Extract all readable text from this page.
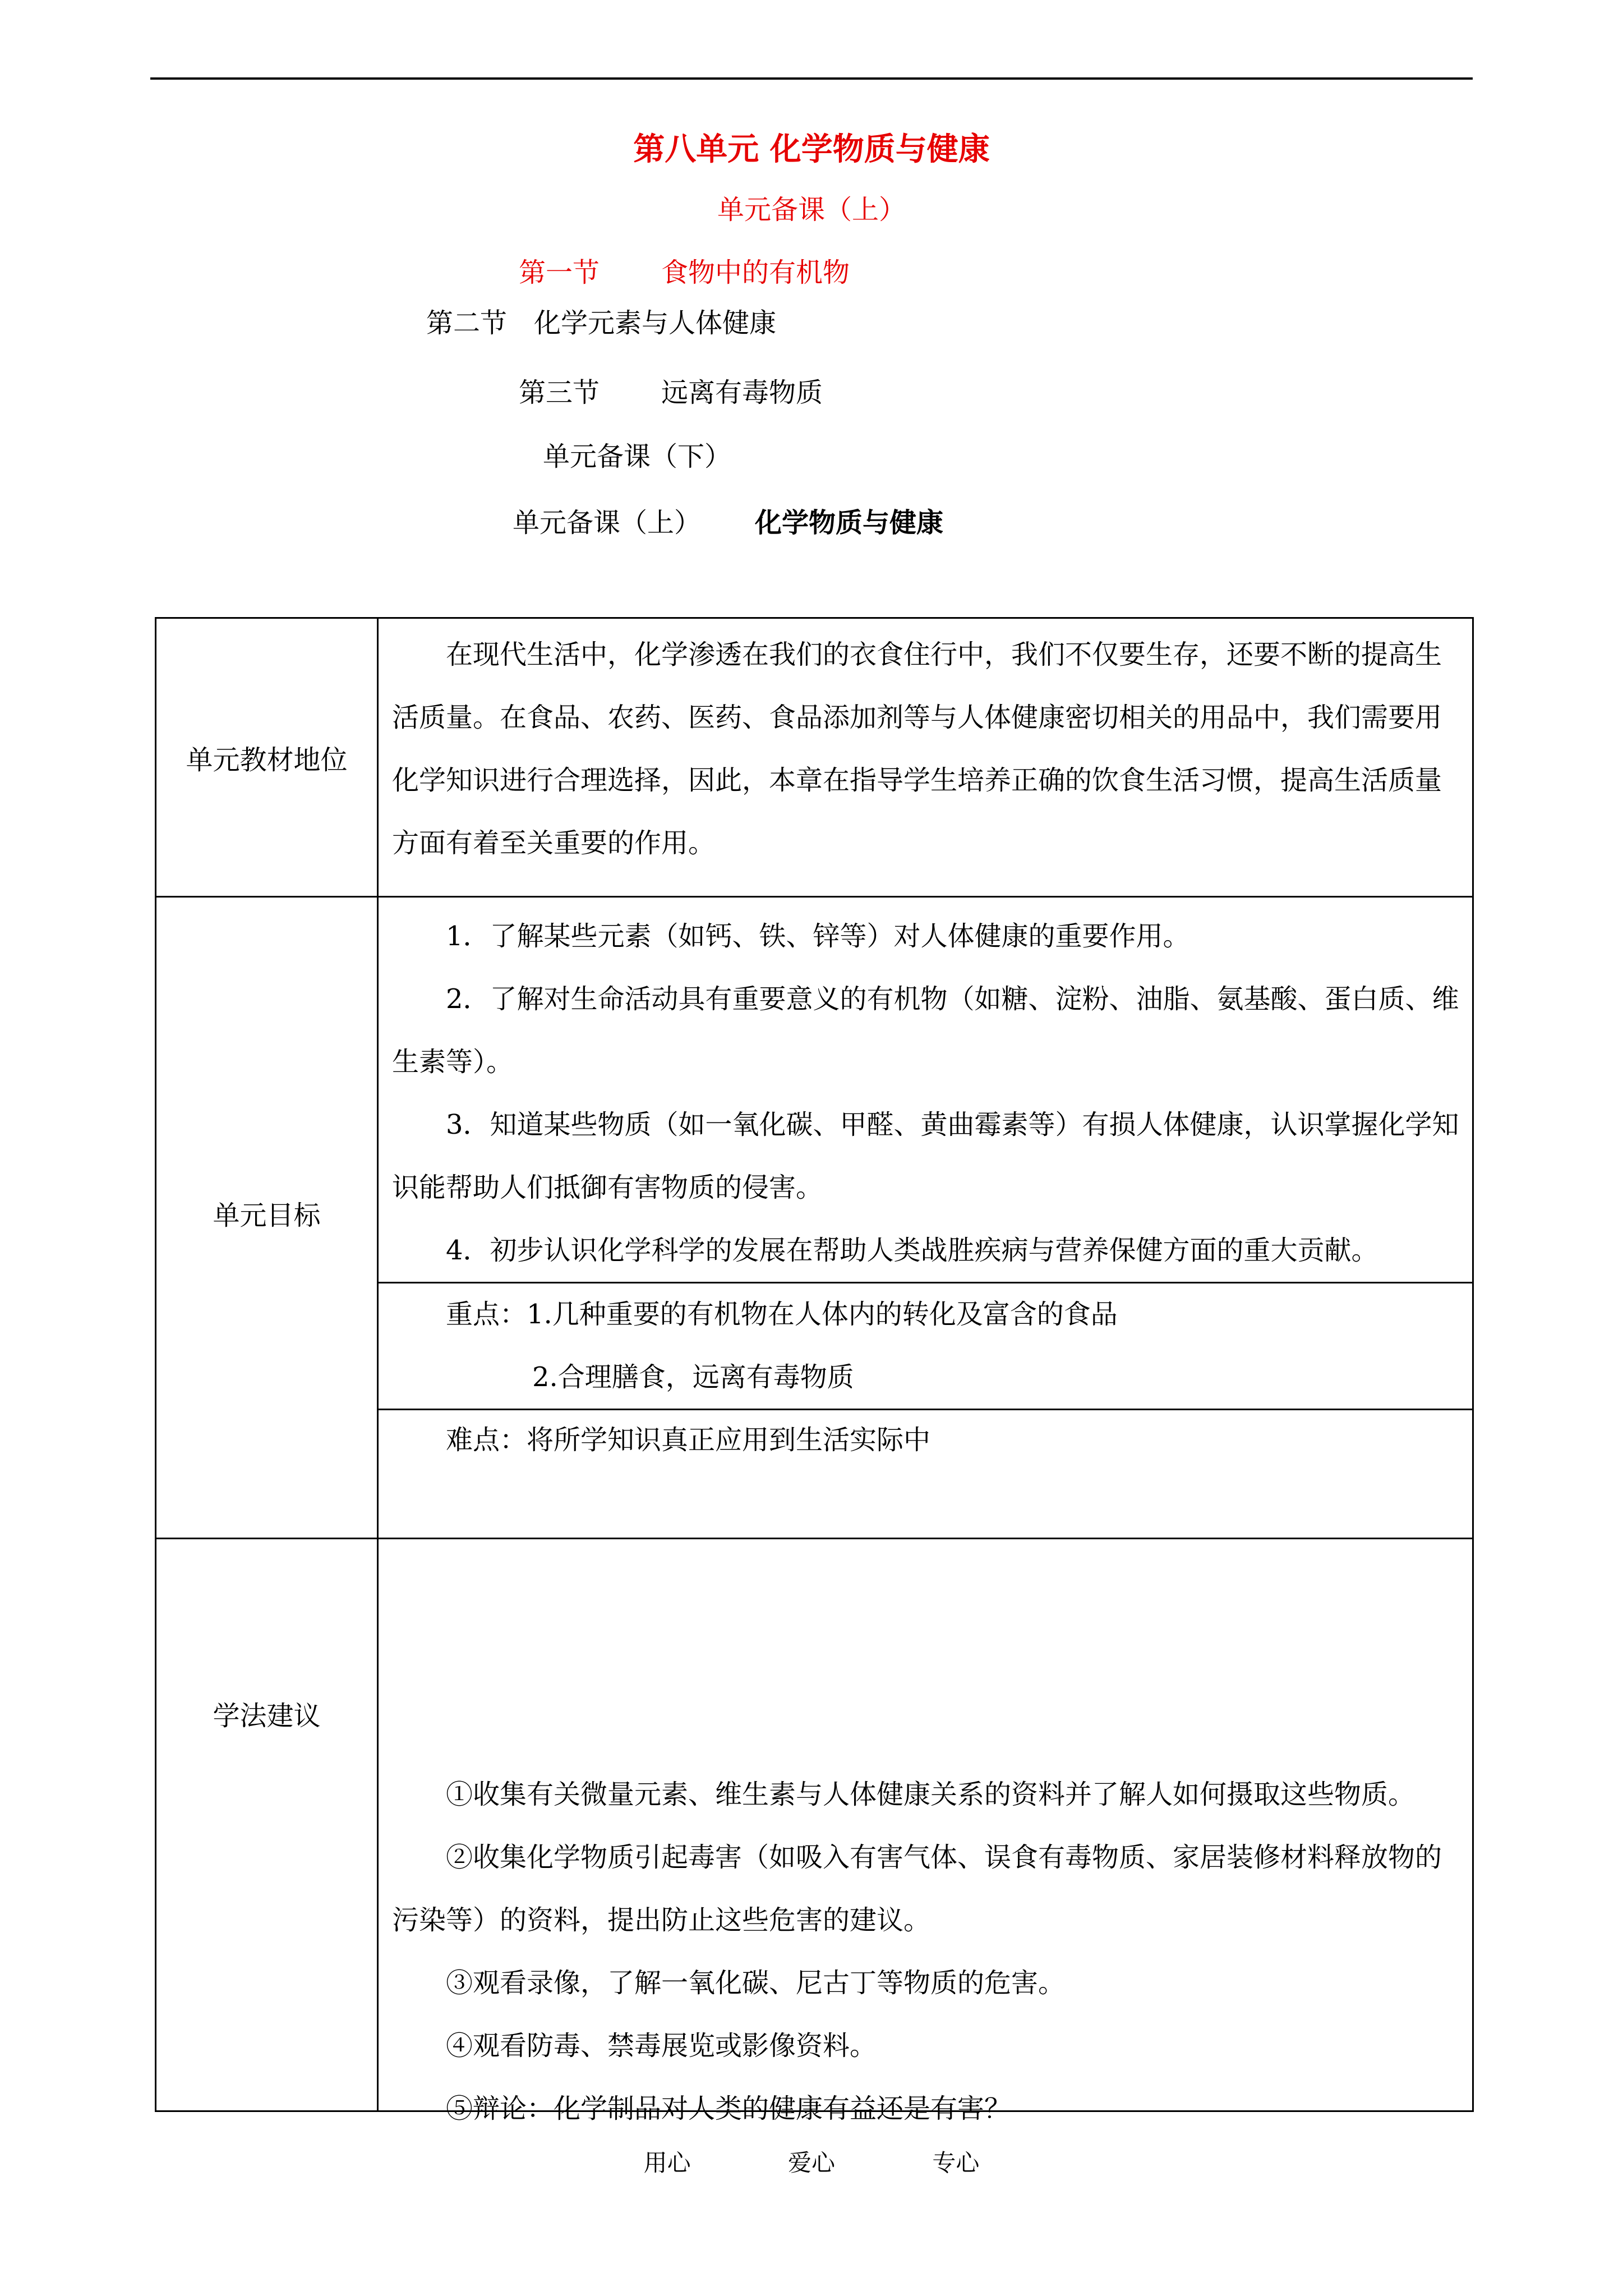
第八单元 化学物质与健康
单元备课（上）
第一节 食物中的有机物
第二节 化学元素与人体健康
第三节 远离有毒物质
单元备课（下）
单元备课（上） 化学物质与健康
单元教材地位

在现代生活中，化学渗透在我们的衣食住行中，我们不仅要生存，还要不断的提高生活质量。在食品、农药、医药、食品添加剂等与人体健康密切相关的用品中，我们需要用化学知识进行合理选择，因此，本章在指导学生培养正确的饮食生活习惯，提高生活质量方面有着至关重要的作用。

单元目标

1．了解某些元素（如钙、铁、锌等）对人体健康的重要作用。

2．了解对生命活动具有重要意义的有机物（如糖、淀粉、油脂、氨基酸、蛋白质、维生素等）。

3．知道某些物质（如一氧化碳、甲醛、黄曲霉素等）有损人体健康，认识掌握化学知识能帮助人们抵御有害物质的侵害。

4．初步认识化学科学的发展在帮助人类战胜疾病与营养保健方面的重大贡献。

重点：1.几种重要的有机物在人体内的转化及富含的食品

2.合理膳食，远离有毒物质

难点：将所学知识真正应用到生活实际中

学法建议

①收集有关微量元素、维生素与人体健康关系的资料并了解人如何摄取这些物质。

②收集化学物质引起毒害（如吸入有害气体、误食有毒物质、家居装修材料释放物的污染等）的资料，提出防止这些危害的建议。

③观看录像，了解一氧化碳、尼古丁等物质的危害。

④观看防毒、禁毒展览或影像资料。

⑤辩论：化学制品对人类的健康有益还是有害？

用心	爱心	专心
